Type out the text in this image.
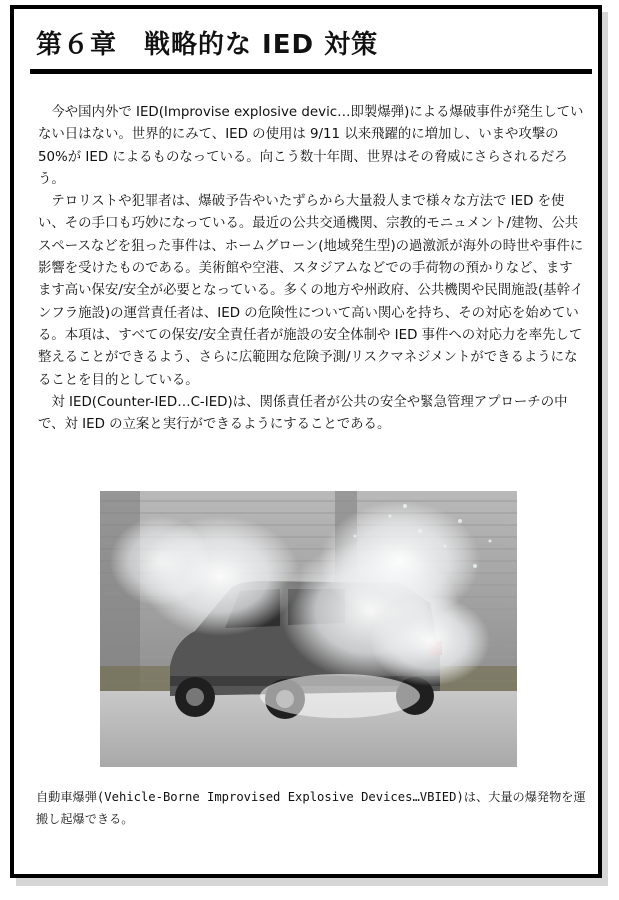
第６章　戦略的な IED 対策

今や国内外で IED(Improvise explosive devic…即製爆弾)による爆破事件が発生していない日はない。世界的にみて、IED の使用は 9/11 以来飛躍的に増加し、いまや攻撃の 50%が IED によるものなっている。向こう数十年間、世界はその脅威にさらされるだろう。

テロリストや犯罪者は、爆破予告やいたずらから大量殺人まで様々な方法で IED を使い、その手口も巧妙になっている。最近の公共交通機関、宗教的モニュメント/建物、公共スペースなどを狙った事件は、ホームグローン(地域発生型)の過激派が海外の時世や事件に影響を受けたものである。美術館や空港、スタジアムなどでの手荷物の預かりなど、ますます高い保安/安全が必要となっている。多くの地方や州政府、公共機関や民間施設(基幹インフラ施設)の運営責任者は、IED の危険性について高い関心を持ち、その対応を始めている。本項は、すべての保安/安全責任者が施設の安全体制や IED 事件への対応力を率先して整えることができるよう、さらに広範囲な危険予測/リスクマネジメントができるようになることを目的としている。

対 IED(Counter-IED…C-IED)は、関係責任者が公共の安全や緊急管理アプローチの中で、対 IED の立案と実行ができるようにすることである。

自動車爆弾(Vehicle-Borne Improvised Explosive Devices…VBIED)は、大量の爆発物を運搬し起爆できる。
